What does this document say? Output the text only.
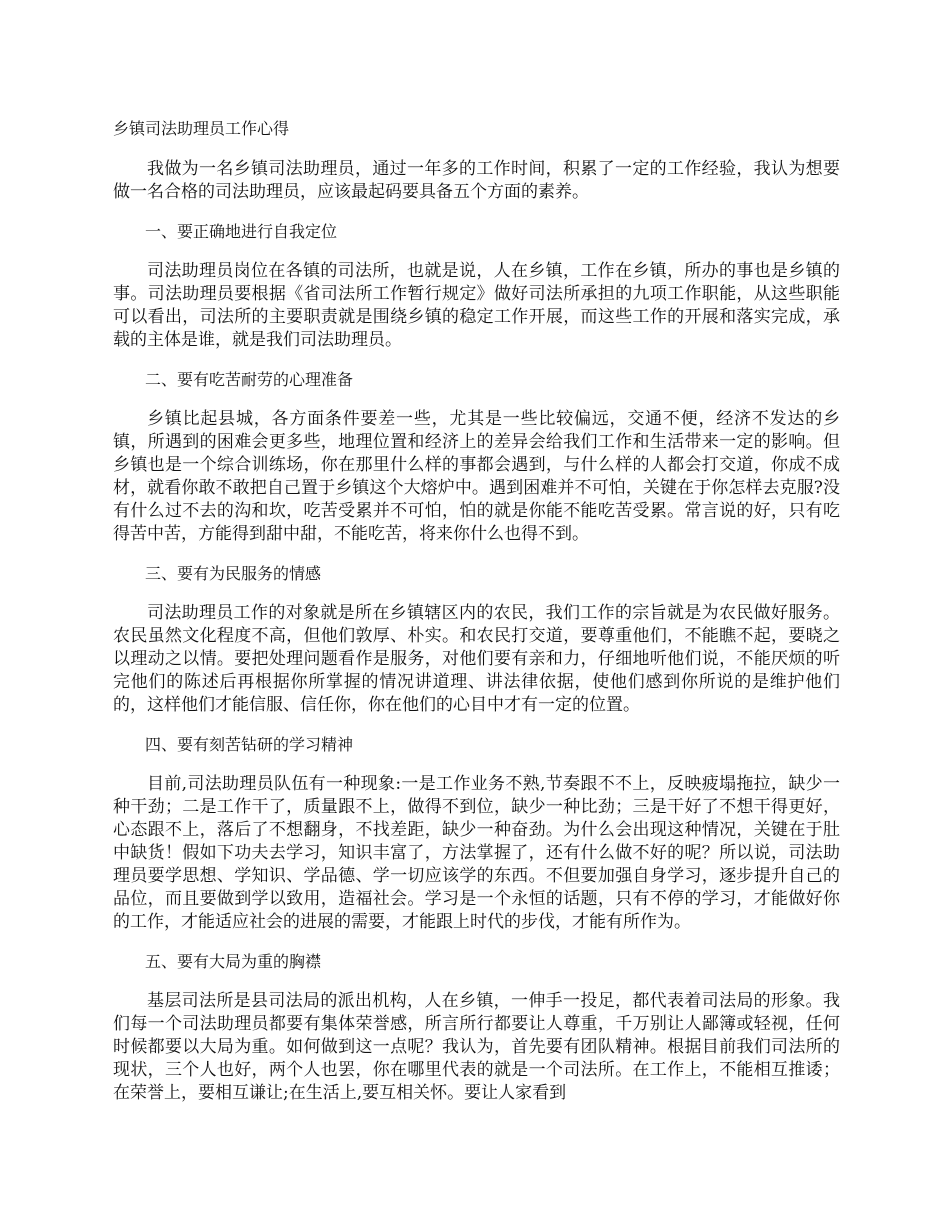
乡镇司法助理员工作心得

我做为一名乡镇司法助理员，通过一年多的工作时间，积累了一定的工作经验，我认为想要做一名合格的司法助理员，应该最起码要具备五个方面的素养。

一、要正确地进行自我定位

司法助理员岗位在各镇的司法所，也就是说，人在乡镇，工作在乡镇，所办的事也是乡镇的事。司法助理员要根据《省司法所工作暂行规定》做好司法所承担的九项工作职能，从这些职能可以看出，司法所的主要职责就是围绕乡镇的稳定工作开展，而这些工作的开展和落实完成，承载的主体是谁，就是我们司法助理员。

二、要有吃苦耐劳的心理准备

乡镇比起县城，各方面条件要差一些，尤其是一些比较偏远，交通不便，经济不发达的乡镇，所遇到的困难会更多些，地理位置和经济上的差异会给我们工作和生活带来一定的影响。但乡镇也是一个综合训练场，你在那里什么样的事都会遇到，与什么样的人都会打交道，你成不成材，就看你敢不敢把自己置于乡镇这个大熔炉中。遇到困难并不可怕，关键在于你怎样去克服?没有什么过不去的沟和坎，吃苦受累并不可怕，怕的就是你能不能吃苦受累。常言说的好，只有吃得苦中苦，方能得到甜中甜，不能吃苦，将来你什么也得不到。

三、要有为民服务的情感

司法助理员工作的对象就是所在乡镇辖区内的农民，我们工作的宗旨就是为农民做好服务。农民虽然文化程度不高，但他们敦厚、朴实。和农民打交道，要尊重他们，不能瞧不起，要晓之以理动之以情。要把处理问题看作是服务，对他们要有亲和力，仔细地听他们说，不能厌烦的听完他们的陈述后再根据你所掌握的情况讲道理、讲法律依据，使他们感到你所说的是维护他们的，这样他们才能信服、信任你，你在他们的心目中才有一定的位置。

四、要有刻苦钻研的学习精神

目前,司法助理员队伍有一种现象:一是工作业务不熟,节奏跟不不上，反映疲塌拖拉，缺少一种干劲；二是工作干了，质量跟不上，做得不到位，缺少一种比劲；三是干好了不想干得更好，心态跟不上，落后了不想翻身，不找差距，缺少一种奋劲。为什么会出现这种情况，关键在于肚中缺货！假如下功夫去学习，知识丰富了，方法掌握了，还有什么做不好的呢？所以说，司法助理员要学思想、学知识、学品德、学一切应该学的东西。不但要加强自身学习，逐步提升自己的品位，而且要做到学以致用，造福社会。学习是一个永恒的话题，只有不停的学习，才能做好你的工作，才能适应社会的进展的需要，才能跟上时代的步伐，才能有所作为。

五、要有大局为重的胸襟

基层司法所是县司法局的派出机构，人在乡镇，一伸手一投足，都代表着司法局的形象。我们每一个司法助理员都要有集体荣誉感，所言所行都要让人尊重，千万别让人鄙簿或轻视，任何时候都要以大局为重。如何做到这一点呢？我认为，首先要有团队精神。根据目前我们司法所的现状，三个人也好，两个人也罢，你在哪里代表的就是一个司法所。在工作上，不能相互推诿；在荣誉上，要相互谦让;在生活上,要互相关怀。要让人家看到
